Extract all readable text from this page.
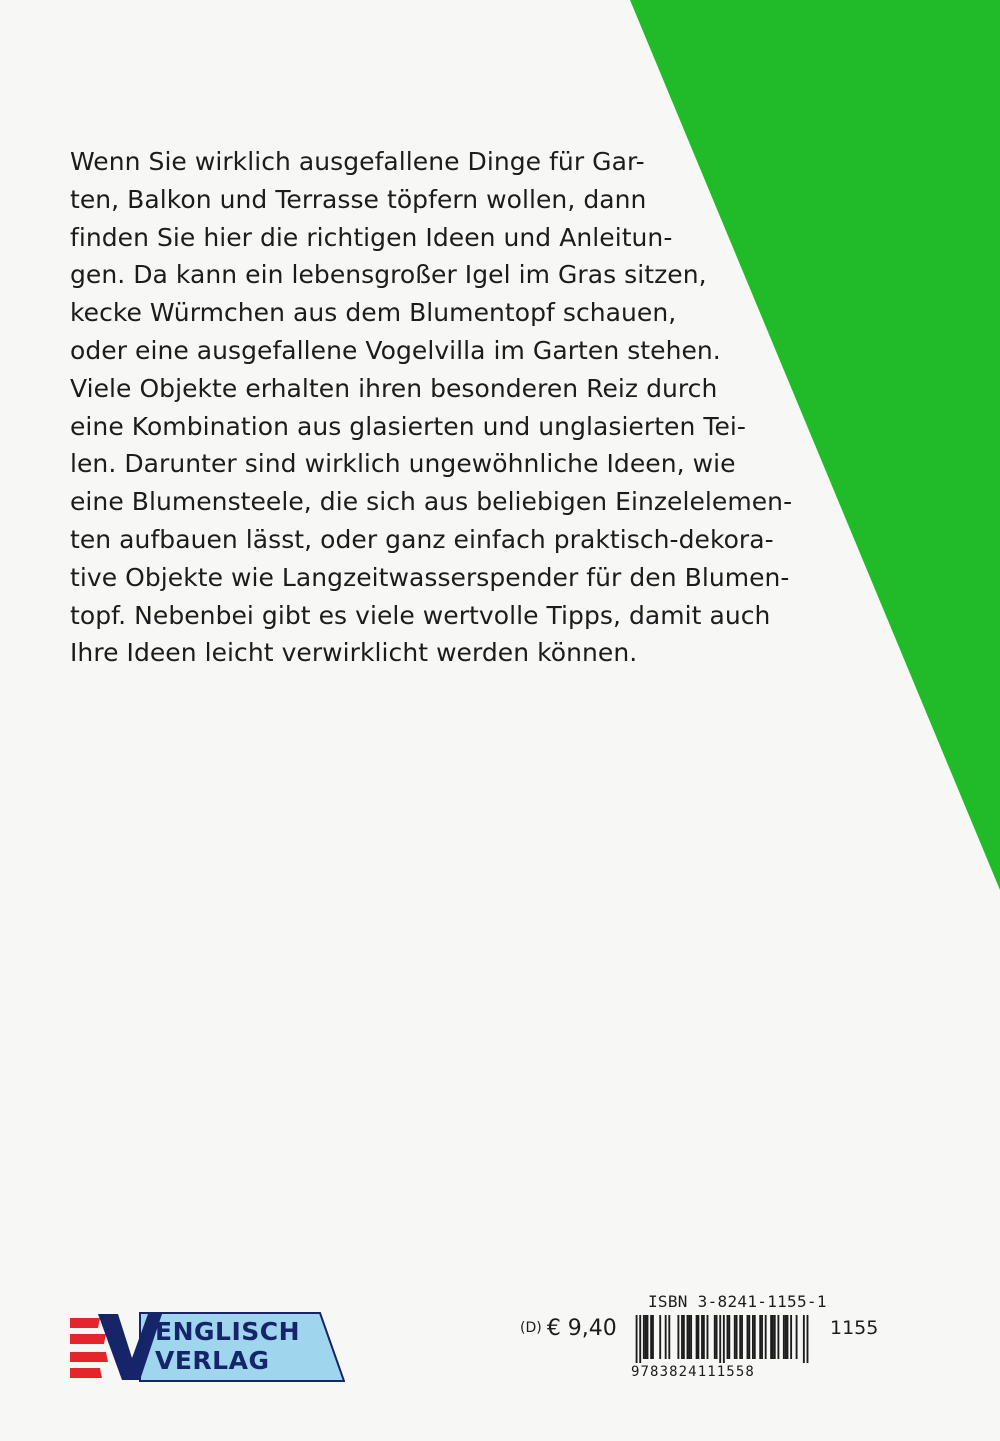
Wenn Sie wirklich ausgefallene Dinge für Gar-
ten, Balkon und Terrasse töpfern wollen, dann
finden Sie hier die richtigen Ideen und Anleitun-
gen. Da kann ein lebensgroßer Igel im Gras sitzen,
kecke Würmchen aus dem Blumentopf schauen,
oder eine ausgefallene Vogelvilla im Garten stehen.
Viele Objekte erhalten ihren besonderen Reiz durch
eine Kombination aus glasierten und unglasierten Tei-
len. Darunter sind wirklich ungewöhnliche Ideen, wie
eine Blumensteele, die sich aus beliebigen Einzelelemen-
ten aufbauen lässt, oder ganz einfach praktisch-dekora-
tive Objekte wie Langzeitwasserspender für den Blumen-
topf. Nebenbei gibt es viele wertvolle Tipps, damit auch
Ihre Ideen leicht verwirklicht werden können.

ENGLISCH
VERLAG
(D) € 9,40
ISBN 3-8241-1155-1
9783824111558
1155
